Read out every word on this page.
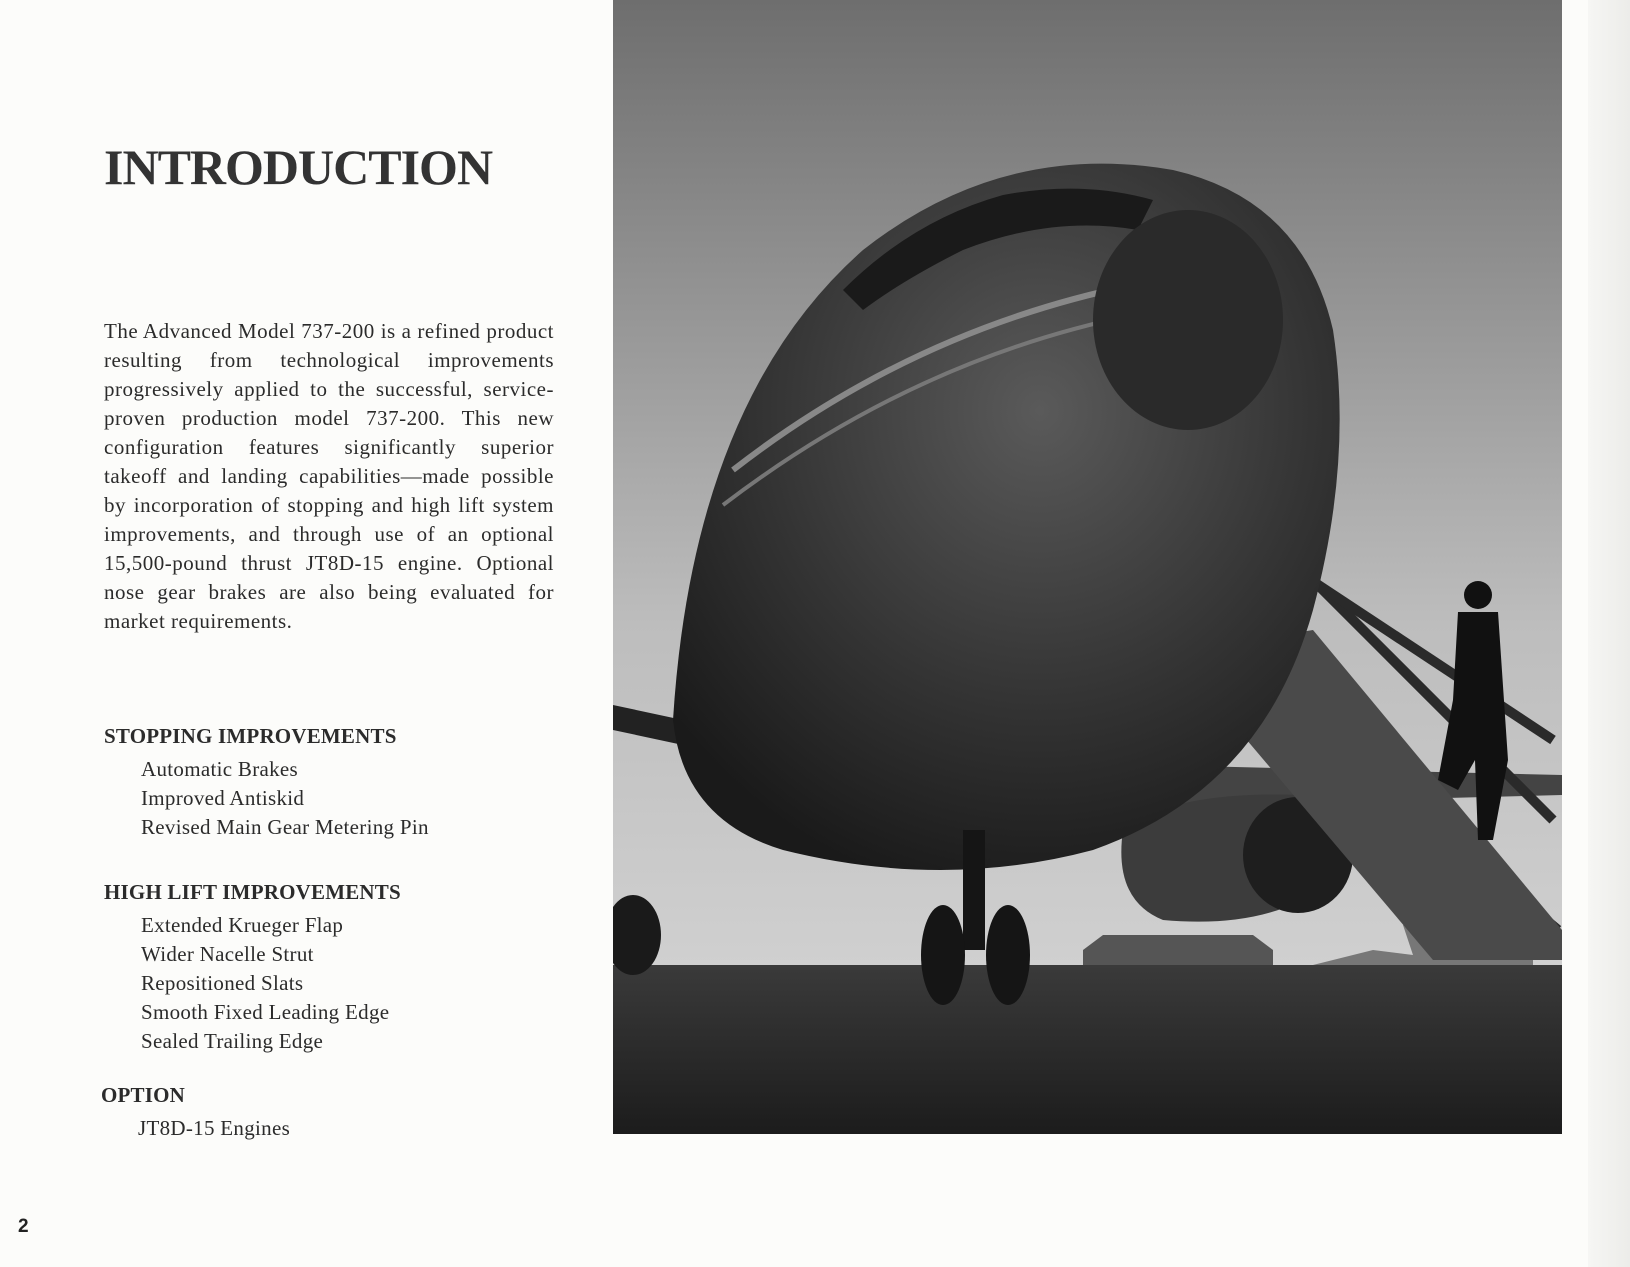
INTRODUCTION

The Advanced Model 737-200 is a refined product resulting from technological improvements progressively applied to the successful, service-proven production model 737-200. This new configuration features significantly superior takeoff and landing capabilities—made possible by incorporation of stopping and high lift system improvements, and through use of an optional 15,500-pound thrust JT8D-15 engine. Optional nose gear brakes are also being evaluated for market requirements.

STOPPING IMPROVEMENTS
Automatic Brakes
Improved Antiskid
Revised Main Gear Metering Pin
HIGH LIFT IMPROVEMENTS
Extended Krueger Flap
Wider Nacelle Strut
Repositioned Slats
Smooth Fixed Leading Edge
Sealed Trailing Edge
OPTION
JT8D-15 Engines
2
